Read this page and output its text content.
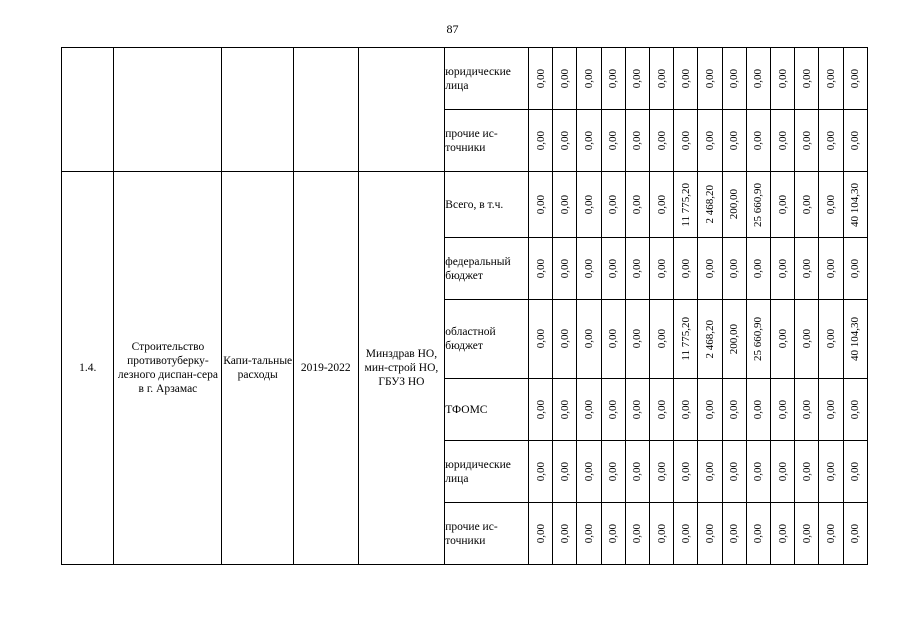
87
					юридические лица	0,00	0,00	0,00	0,00	0,00	0,00	0,00	0,00	0,00	0,00	0,00	0,00	0,00	0,00

					прочие ис-точники	0,00	0,00	0,00	0,00	0,00	0,00	0,00	0,00	0,00	0,00	0,00	0,00	0,00	0,00

1.4.	Строительство противотуберку-лезного диспан-сера в г. Арзамас	Капи-тальные расходы	2019-2022	Минздрав НО, мин-строй НО, ГБУЗ НО	Всего, в т.ч.	0,00	0,00	0,00	0,00	0,00	0,00	11 775,20	2 468,20	200,00	25 660,90	0,00	0,00	0,00	40 104,30

					федеральный бюджет	0,00	0,00	0,00	0,00	0,00	0,00	0,00	0,00	0,00	0,00	0,00	0,00	0,00	0,00

					областной бюджет	0,00	0,00	0,00	0,00	0,00	0,00	11 775,20	2 468,20	200,00	25 660,90	0,00	0,00	0,00	40 104,30

					ТФОМС	0,00	0,00	0,00	0,00	0,00	0,00	0,00	0,00	0,00	0,00	0,00	0,00	0,00	0,00

					юридические лица	0,00	0,00	0,00	0,00	0,00	0,00	0,00	0,00	0,00	0,00	0,00	0,00	0,00	0,00

					прочие ис-точники	0,00	0,00	0,00	0,00	0,00	0,00	0,00	0,00	0,00	0,00	0,00	0,00	0,00	0,00
